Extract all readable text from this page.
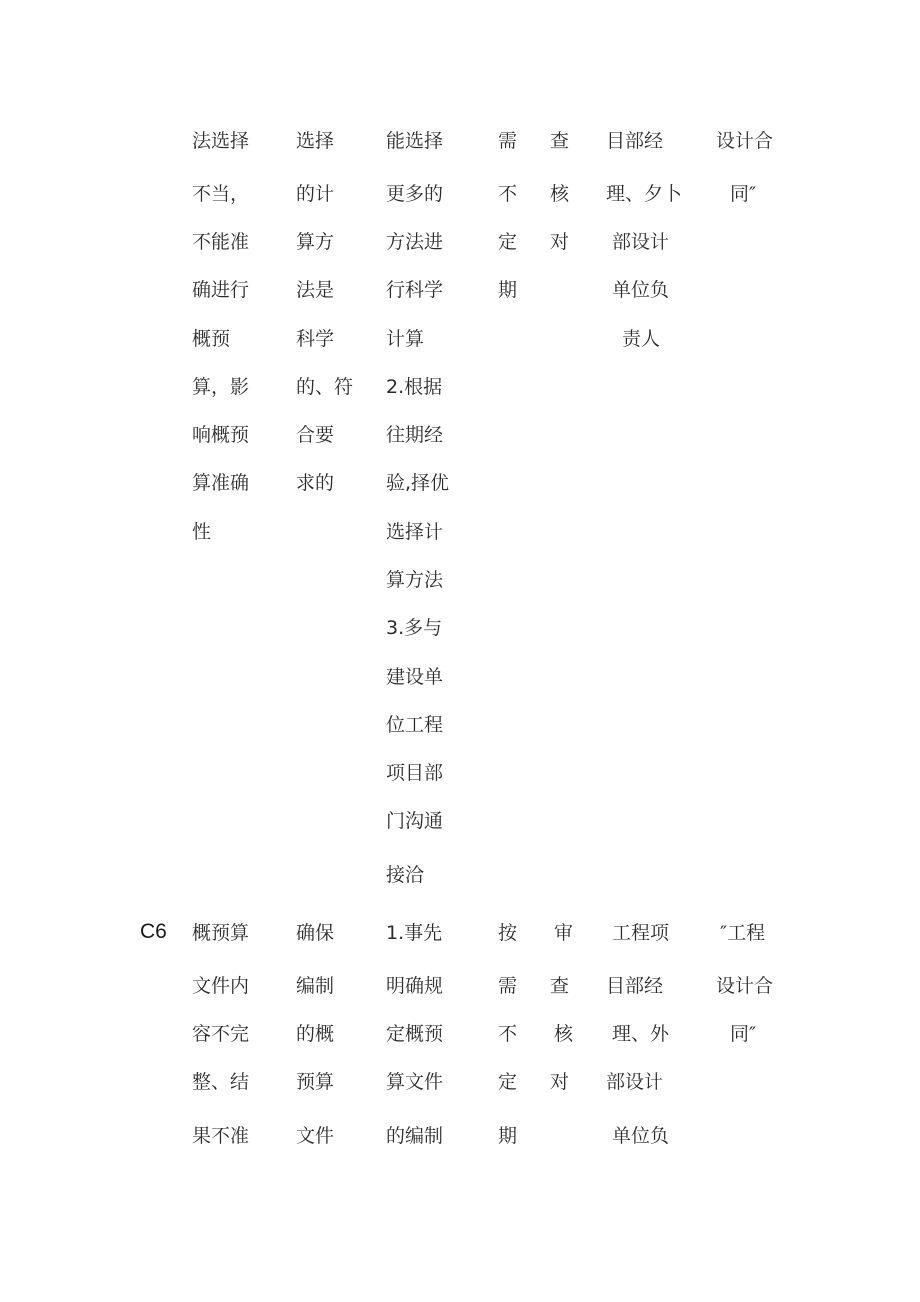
法选择
不当，
不能准
确进行
概预
算，影
响概预
算准确
性
选择
的计
算方
法是
科学
的、符
合要
求的
能选择
更多的
方法进
行科学
计算
2.根据
往期经
验,择优
选择计
算方法
3.多与
建设单
位工程
项目部
门沟通
接洽
需
不
定
期
查
核
对
目部经
理、夕卜
部设计
单位负
责人
设计合
同″
C6 概预算
文件内
容不完
整、结
果不准
确保
编制
的概
预算
文件
1.事先
明确规
定概预
算文件
的编制
按
需
不
定
期
审
查
核
对
工程项
目部经
理、外
部设计
单位负
″工程
设计合
同″
